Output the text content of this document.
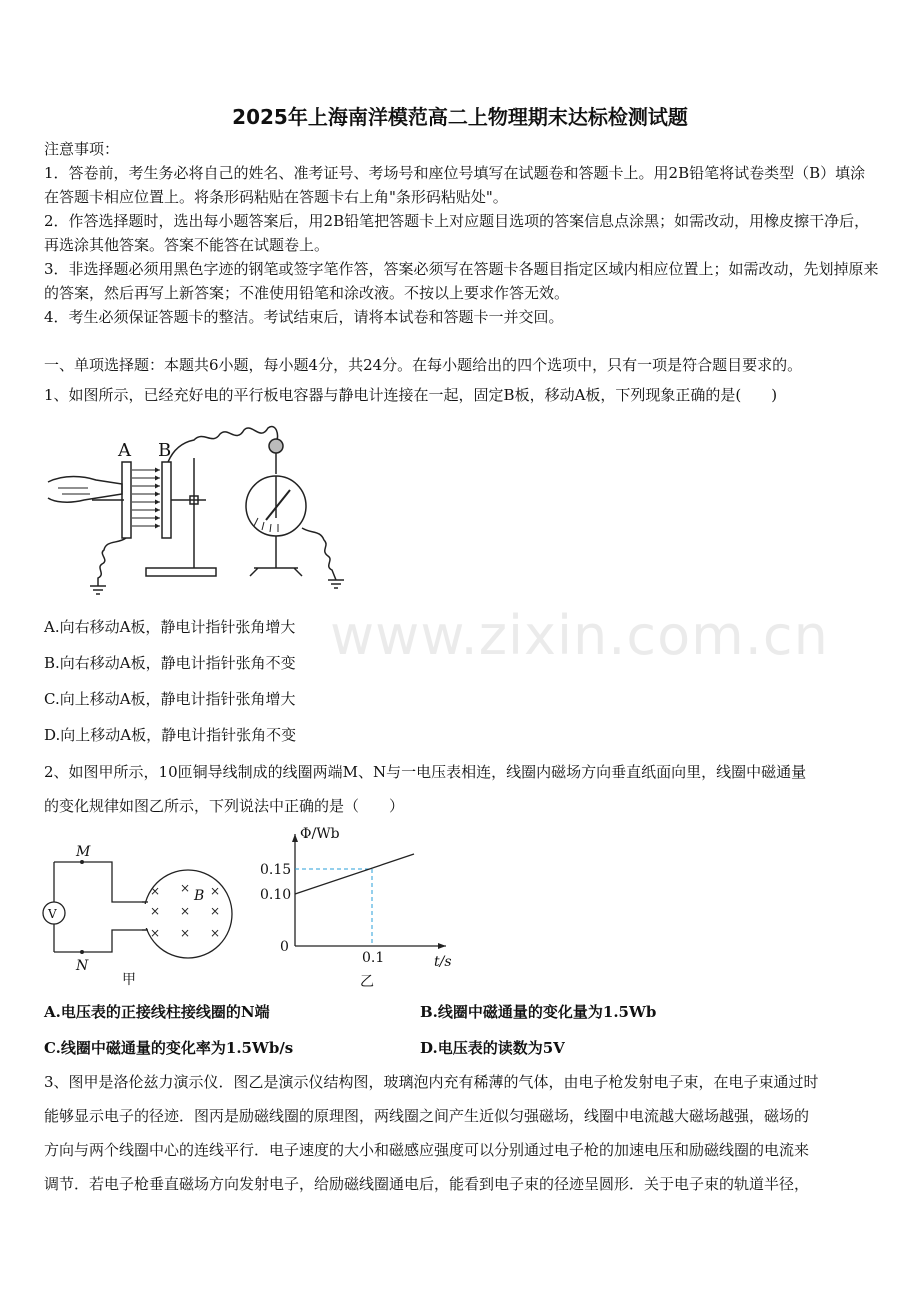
2025年上海南洋模范高二上物理期末达标检测试题
注意事项：
1．答卷前，考生务必将自己的姓名、准考证号、考场号和座位号填写在试题卷和答题卡上。用2B铅笔将试卷类型（B）填涂在答题卡相应位置上。将条形码粘贴在答题卡右上角"条形码粘贴处"。
2．作答选择题时，选出每小题答案后，用2B铅笔把答题卡上对应题目选项的答案信息点涂黑；如需改动，用橡皮擦干净后，再选涂其他答案。答案不能答在试题卷上。
3．非选择题必须用黑色字迹的钢笔或签字笔作答，答案必须写在答题卡各题目指定区域内相应位置上；如需改动，先划掉原来的答案，然后再写上新答案；不准使用铅笔和涂改液。不按以上要求作答无效。
4．考生必须保证答题卡的整洁。考试结束后，请将本试卷和答题卡一并交回。
一、单项选择题：本题共6小题，每小题4分，共24分。在每小题给出的四个选项中，只有一项是符合题目要求的。
1、如图所示，已经充好电的平行板电容器与静电计连接在一起，固定B板，移动A板，下列现象正确的是(　　)
A B
www.zixin.com.cn
A.向右移动A板，静电计指针张角增大
B.向右移动A板，静电计指针张角不变
C.向上移动A板，静电计指针张角增大
D.向上移动A板，静电计指针张角不变
2、如图甲所示，10匝铜导线制成的线圈两端M、N与一电压表相连，线圈内磁场方向垂直纸面向里，线圈中磁通量
的变化规律如图乙所示，下列说法中正确的是（　　）
× × ×
× × ×
× × ×
B
V
M
N
甲
Φ/Wb
t/s
0.15
0.10
0
0.1
乙
A.电压表的正接线柱接线圈的N端	B.线圈中磁通量的变化量为1.5Wb
C.线圈中磁通量的变化率为1.5Wb/s	D.电压表的读数为5V
3、图甲是洛伦兹力演示仪．图乙是演示仪结构图，玻璃泡内充有稀薄的气体，由电子枪发射电子束，在电子束通过时
能够显示电子的径迹．图丙是励磁线圈的原理图，两线圈之间产生近似匀强磁场，线圈中电流越大磁场越强，磁场的
方向与两个线圈中心的连线平行．电子速度的大小和磁感应强度可以分别通过电子枪的加速电压和励磁线圈的电流来
调节．若电子枪垂直磁场方向发射电子，给励磁线圈通电后，能看到电子束的径迹呈圆形．关于电子束的轨道半径，
